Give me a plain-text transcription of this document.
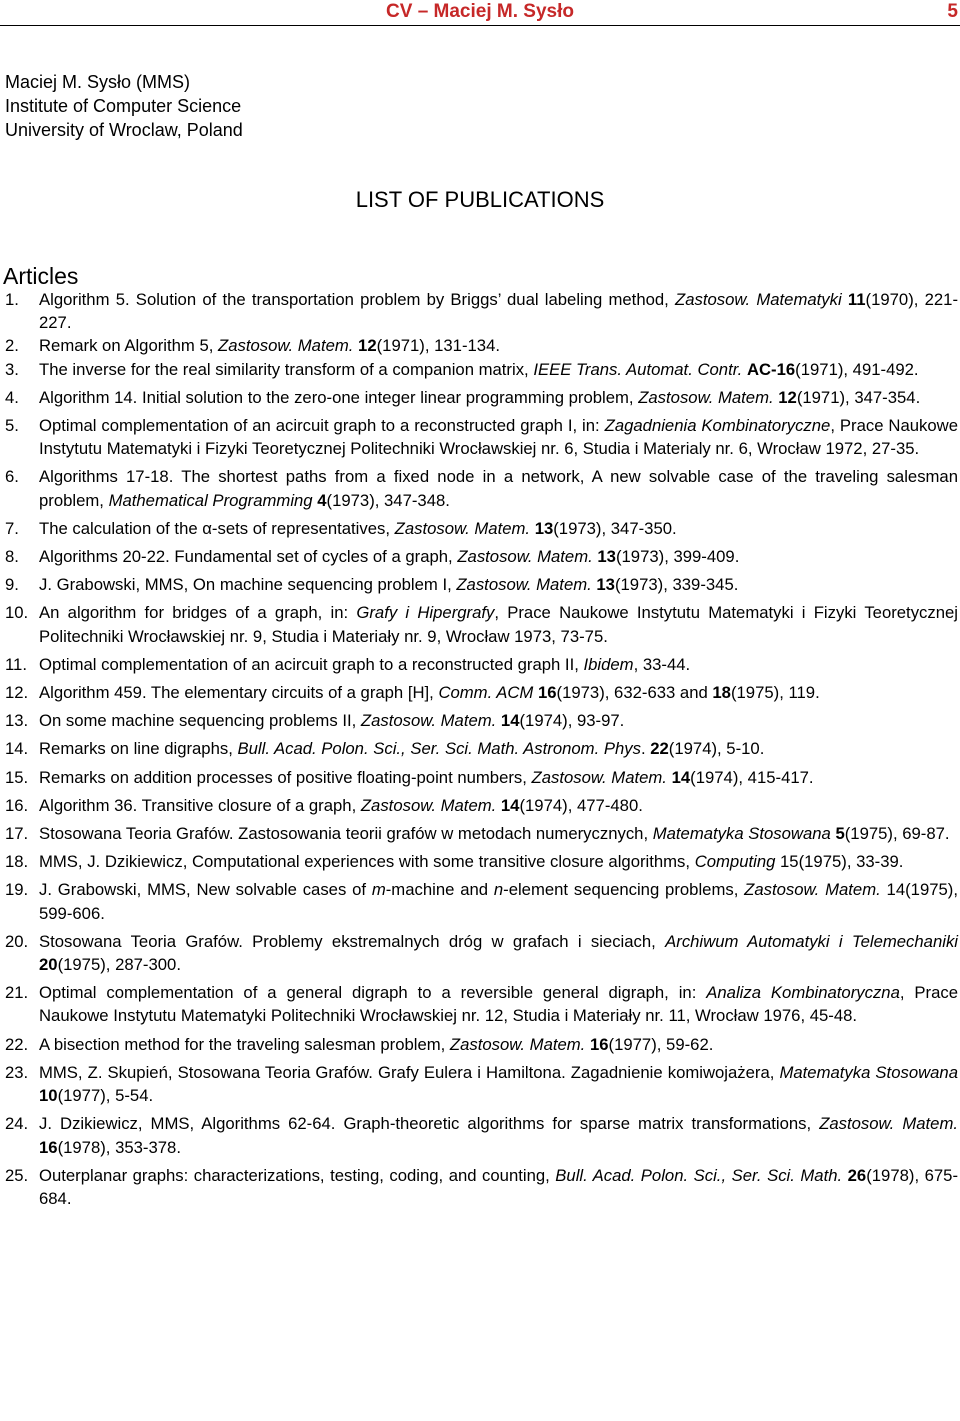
CV – Maciej M. Sysło	5
Maciej M. Sysło (MMS)
Institute of Computer Science
University of Wroclaw, Poland
LIST OF PUBLICATIONS
Articles
1. Algorithm 5. Solution of the transportation problem by Briggs’ dual labeling method, Zastosow. Matematyki 11(1970), 221-227.
2. Remark on Algorithm 5, Zastosow. Matem. 12(1971), 131-134.
3. The inverse for the real similarity transform of a companion matrix, IEEE Trans. Automat. Contr. AC-16(1971), 491-492.
4. Algorithm 14. Initial solution to the zero-one integer linear programming problem, Zastosow. Matem. 12(1971), 347-354.
5. Optimal complementation of an acircuit graph to a reconstructed graph I, in: Zagadnienia Kombinatoryczne, Prace Naukowe Instytutu Matematyki i Fizyki Teoretycznej Politechniki Wrocławskiej nr. 6, Studia i Materialy nr. 6, Wrocław 1972, 27-35.
6. Algorithms 17-18. The shortest paths from a fixed node in a network, A new solvable case of the traveling salesman problem, Mathematical Programming 4(1973), 347-348.
7. The calculation of the α-sets of representatives, Zastosow. Matem. 13(1973), 347-350.
8. Algorithms 20-22. Fundamental set of cycles of a graph, Zastosow. Matem. 13(1973), 399-409.
9. J. Grabowski, MMS, On machine sequencing problem I, Zastosow. Matem. 13(1973), 339-345.
10. An algorithm for bridges of a graph, in: Grafy i Hipergrafy, Prace Naukowe Instytutu Matematyki i Fizyki Teoretycznej Politechniki Wrocławskiej nr. 9, Studia i Materiały nr. 9, Wrocław 1973, 73-75.
11. Optimal complementation of an acircuit graph to a reconstructed graph II, Ibidem, 33-44.
12. Algorithm 459. The elementary circuits of a graph [H], Comm. ACM 16(1973), 632-633 and 18(1975), 119.
13. On some machine sequencing problems II, Zastosow. Matem. 14(1974), 93-97.
14. Remarks on line digraphs, Bull. Acad. Polon. Sci., Ser. Sci. Math. Astronom. Phys. 22(1974), 5-10.
15. Remarks on addition processes of positive floating-point numbers, Zastosow. Matem. 14(1974), 415-417.
16. Algorithm 36. Transitive closure of a graph, Zastosow. Matem. 14(1974), 477-480.
17. Stosowana Teoria Grafów. Zastosowania teorii grafów w metodach numerycznych, Matematyka Stosowana 5(1975), 69-87.
18. MMS, J. Dzikiewicz, Computational experiences with some transitive closure algorithms, Computing 15(1975), 33-39.
19. J. Grabowski, MMS, New solvable cases of m-machine and n-element sequencing problems, Zastosow. Matem. 14(1975), 599-606.
20. Stosowana Teoria Grafów. Problemy ekstremalnych dróg w grafach i sieciach, Archiwum Automatyki i Telemechaniki 20(1975), 287-300.
21. Optimal complementation of a general digraph to a reversible general digraph, in: Analiza Kombinatoryczna, Prace Naukowe Instytutu Matematyki Politechniki Wrocławskiej nr. 12, Studia i Materiały nr. 11, Wrocław 1976, 45-48.
22. A bisection method for the traveling salesman problem, Zastosow. Matem. 16(1977), 59-62.
23. MMS, Z. Skupień, Stosowana Teoria Grafów. Grafy Eulera i Hamiltona. Zagadnienie komiwojażera, Matematyka Stosowana 10(1977), 5-54.
24. J. Dzikiewicz, MMS, Algorithms 62-64. Graph-theoretic algorithms for sparse matrix transformations, Zastosow. Matem. 16(1978), 353-378.
25. Outerplanar graphs: characterizations, testing, coding, and counting, Bull. Acad. Polon. Sci., Ser. Sci. Math. 26(1978), 675-684.
